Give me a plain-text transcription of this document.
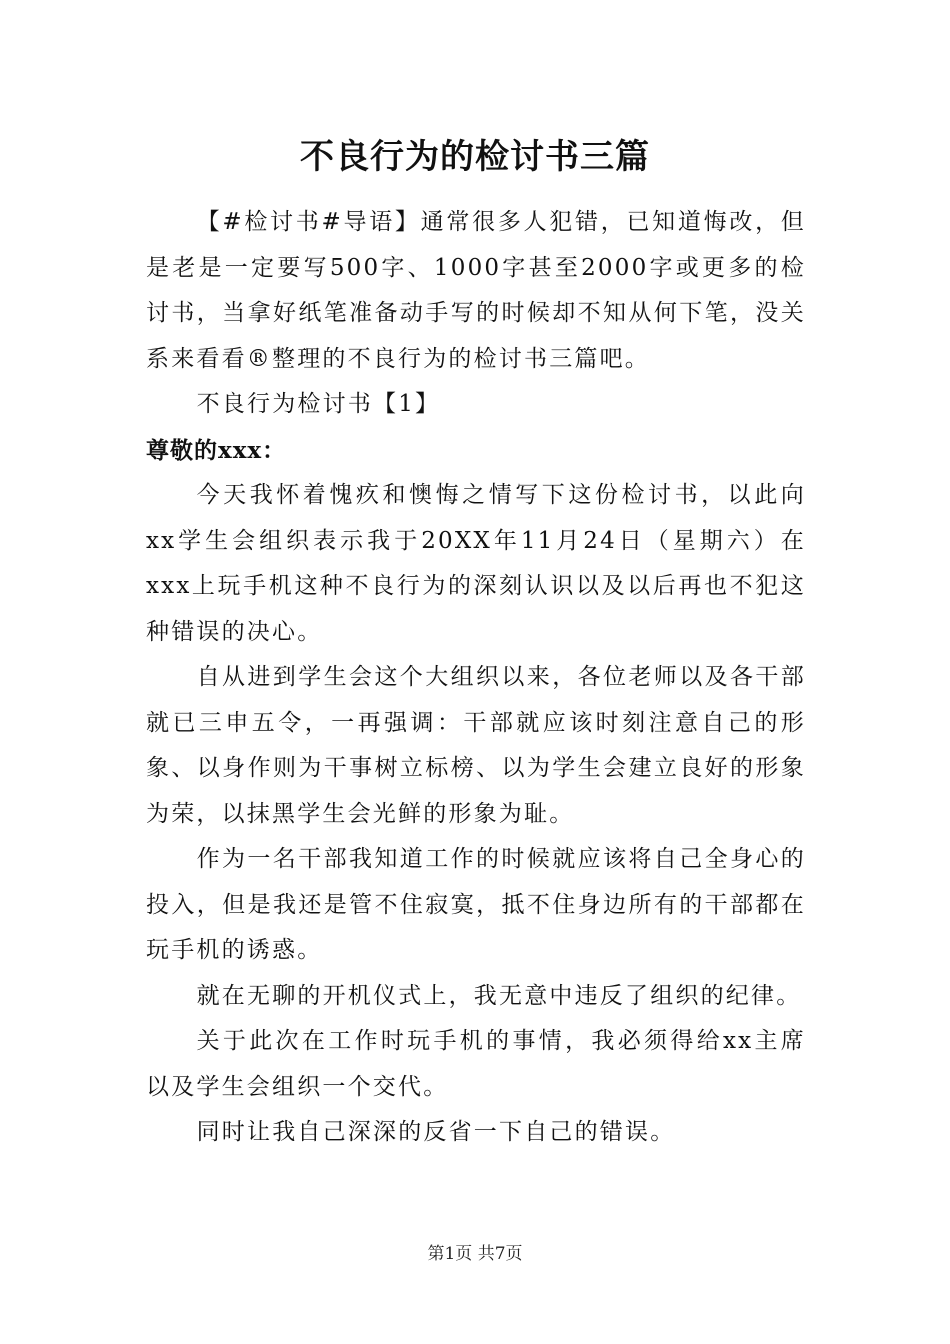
不良行为的检讨书三篇

【#检讨书#导语】通常很多人犯错，已知道悔改，但是老是一定要写500字、1000字甚至2000字或更多的检讨书，当拿好纸笔准备动手写的时候却不知从何下笔，没关系来看看®整理的不良行为的检讨书三篇吧。

不良行为检讨书【1】

尊敬的xxx：

今天我怀着愧疚和懊悔之情写下这份检讨书，以此向xx学生会组织表示我于20XX年11月24日（星期六）在xxx上玩手机这种不良行为的深刻认识以及以后再也不犯这种错误的决心。

自从进到学生会这个大组织以来，各位老师以及各干部就已三申五令，一再强调：干部就应该时刻注意自己的形象、以身作则为干事树立标榜、以为学生会建立良好的形象为荣，以抹黑学生会光鲜的形象为耻。

作为一名干部我知道工作的时候就应该将自己全身心的投入，但是我还是管不住寂寞，抵不住身边所有的干部都在玩手机的诱惑。

就在无聊的开机仪式上，我无意中违反了组织的纪律。

关于此次在工作时玩手机的事情，我必须得给xx主席以及学生会组织一个交代。

同时让我自己深深的反省一下自己的错误。

第1页 共7页
